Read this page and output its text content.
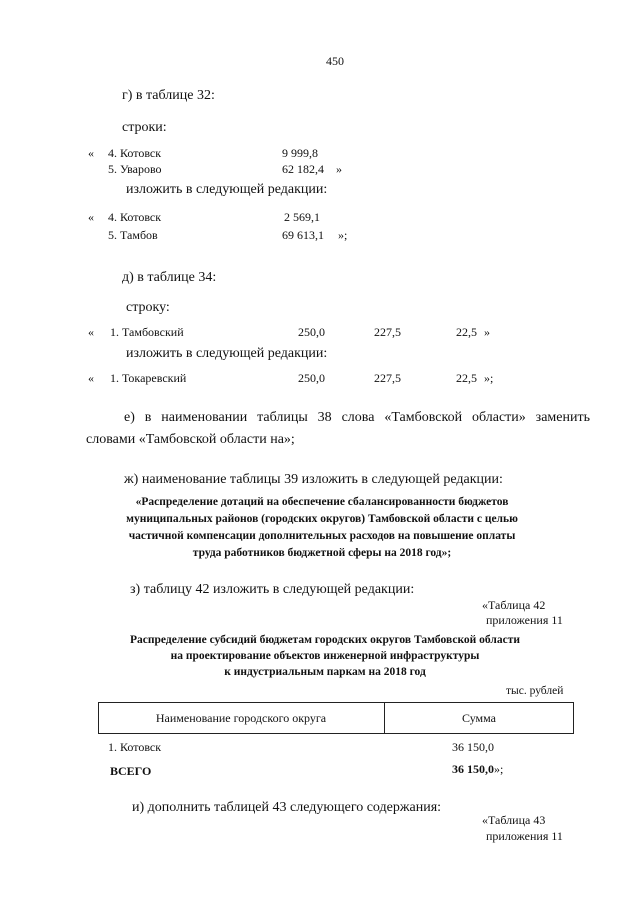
450
г) в таблице 32:
строки:
« 4. Котовск	9 999,8
5. Уварово	62 182,4 »
изложить в следующей редакции:
« 4. Котовск	2 569,1
5. Тамбов	69 613,1 »;
д) в таблице 34:
строку:
« 1. Тамбовский	250,0	227,5	22,5 »
изложить в следующей редакции:
« 1. Токаревский	250,0	227,5	22,5 »;
е) в наименовании таблицы 38 слова «Тамбовской области» заменить
словами «Тамбовской области на»;
ж) наименование таблицы 39 изложить в следующей редакции:
«Распределение дотаций на обеспечение сбалансированности бюджетов
муниципальных районов (городских округов) Тамбовской области с целью
частичной компенсации дополнительных расходов на повышение оплаты
труда работников бюджетной сферы на 2018 год»;
з) таблицу 42 изложить в следующей редакции:
«Таблица 42
приложения 11
Распределение субсидий бюджетам городских округов Тамбовской области
на проектирование объектов инженерной инфраструктуры
к индустриальным паркам на 2018 год
тыс. рублей
Наименование городского округа	Сумма
1. Котовск	36 150,0
ВСЕГО	36 150,0»;
и) дополнить таблицей 43 следующего содержания:
«Таблица 43
приложения 11
